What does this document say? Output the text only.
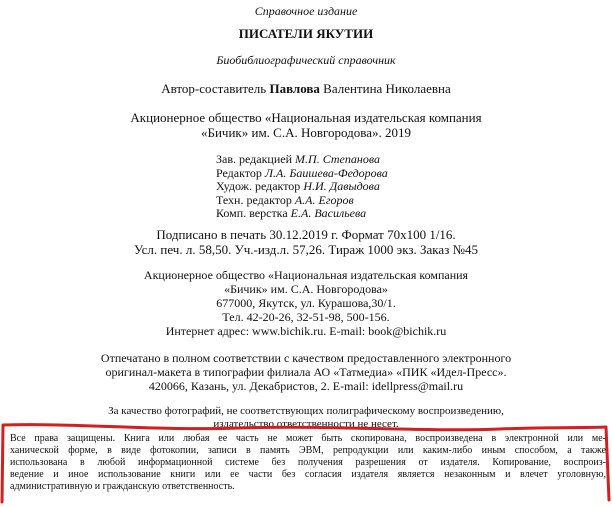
Справочное издание
ПИСАТЕЛИ ЯКУТИИ
Биобиблиографический справочник
Автор-составитель Павлова Валентина Николаевна
Акционерное общество «Национальная издательская компания
«Бичик» им. С.А. Новгородова». 2019
Зав. редакцией М.П. Степанова
Редактор Л.А. Баишева-Федорова
Худож. редактор Н.И. Давыдова
Техн. редактор А.А. Егоров
Комп. верстка Е.А. Васильева
Подписано в печать 30.12.2019 г. Формат 70х100 1/16.
Усл. печ. л. 58,50. Уч.-изд.л. 57,26. Тираж 1000 экз. Заказ №45
Акционерное общество «Национальная издательская компания
«Бичик» им. С.А. Новгородова»
677000, Якутск, ул. Курашова,30/1.
Тел. 42-20-26, 32-51-98, 500-156.
Интернет адрес: www.bichik.ru. E-mail: book@bichik.ru
Отпечатано в полном соответствии с качеством предоставленного электронного
оригинал-макета в типографии филиала АО «Татмедиа» «ПИК «Идел-Пресс».
420066, Казань, ул. Декабристов, 2. E-mail: idellpress@mail.ru
За качество фотографий, не соответствующих полиграфическому воспроизведению,
издательство ответственности не несет.
Все права защищены. Книга или любая ее часть не может быть скопирована, воспроизведена в электронной или ме-
ханической форме, в виде фотокопии, записи в память ЭВМ, репродукции или каким-либо иным способом, а также
использована в любой информационной системе без получения разрешения от издателя. Копирование, воспроиз-
ведение и иное использование книги или ее части без согласия издателя является незаконным и влечет уголовную,
административную и гражданскую ответственность.
